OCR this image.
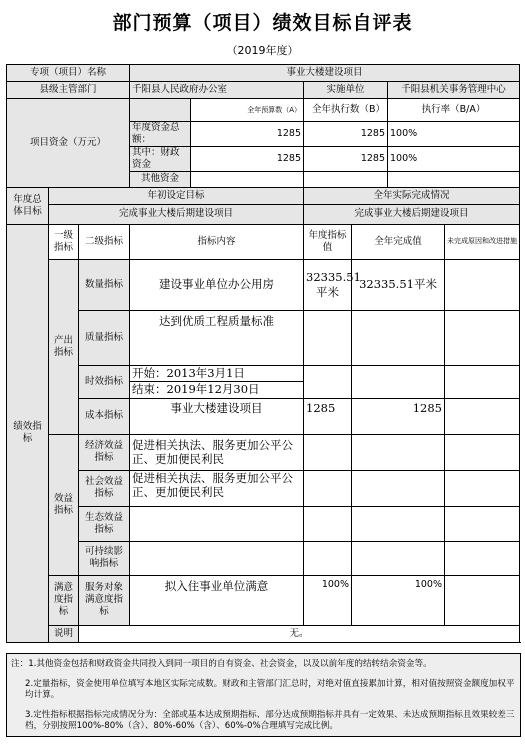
部门预算（项目）绩效目标自评表
（2019年度）
专项（项目）名称			事业大楼建设项目					
县级主管部门			千阳县人民政府办公室		实施单位		千阳县机关事务管理中心	
项目资金（万元）				全年预算数（A）	全年执行数（B）		执行率（B/A）	
			年度资金总额：	1285	1285		100%	
			其中：财政资金	1285	1285		100%	
			其他资金					
年度总体目标	年初设定目标				全年实际完成情况			
	完成事业大楼后期建设项目				完成事业大楼后期建设项目			
绩效指标	一级指标	二级指标	指标内容		年度指标值	全年完成值		未完成原因和改进措施
	产出指标	数量指标	建设事业单位办公用房		32335.51平米	32335.51平米		
		质量指标	达到优质工程质量标准					
		时效指标	开始：2013年3月1日					
			结束：2019年12月30日					
		成本指标	事业大楼建设项目		1285	1285		
	效益指标	经济效益指标	促进相关执法、服务更加公平公正、更加便民利民					
		社会效益指标	促进相关执法、服务更加公平公正、更加便民利民					
		生态效益指标						
		可持续影响指标						
	满意度指标	服务对象满意度指标	拟入住事业单位满意		100%	100%		
	说明	无。						
注：1.其他资金包括和财政资金共同投入到同一项目的自有资金、社会资金，以及以前年度的结转结余资金等。
2.定量指标，资金使用单位填写本地区实际完成数。财政和主管部门汇总时，对绝对值直接累加计算，相对值按照资金额度加权平均计算。
3.定性指标根据指标完成情况分为：全部或基本达成预期指标、部分达成预期指标并具有一定效果、未达成预期指标且效果较差三档，分别按照100%-80%（含）、80%-60%（含）、60%-0%合理填写完成比例。
